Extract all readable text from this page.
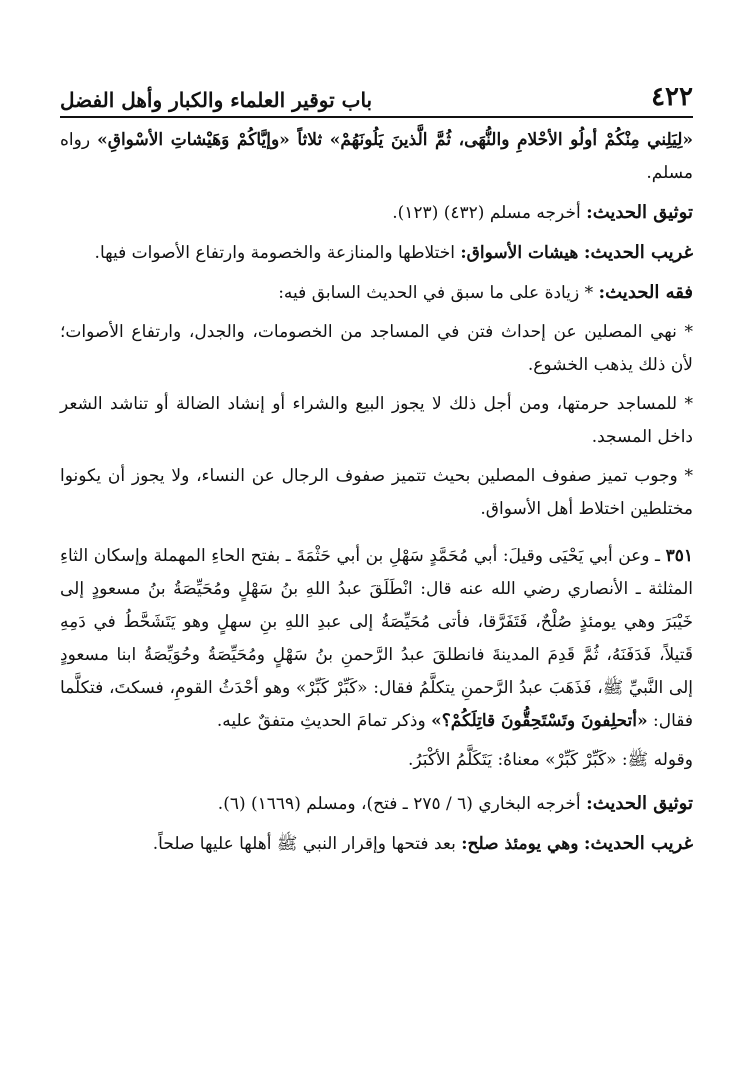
٤٢٢
باب توقير العلماء والكبار وأهل الفضل

«لِيَلِني مِنْكُمْ أولُو الأحْلامِ والنُّهَى، ثُمَّ الَّذينَ يَلُونَهُمْ» ثلاثاً «وإيَّاكُمْ وَهَيْشاتِ الأسْواقِ» رواه مسلم.

توثيق الحديث: أخرجه مسلم (٤٣٢) (١٢٣).

غريب الحديث: هيشات الأسواق: اختلاطها والمنازعة والخصومة وارتفاع الأصوات فيها.

فقه الحديث: * زيادة على ما سبق في الحديث السابق فيه:

* نهي المصلين عن إحداث فتن في المساجد من الخصومات، والجدل، وارتفاع الأصوات؛ لأن ذلك يذهب الخشوع.

* للمساجد حرمتها، ومن أجل ذلك لا يجوز البيع والشراء أو إنشاد الضالة أو تناشد الشعر داخل المسجد.

* وجوب تميز صفوف المصلين بحيث تتميز صفوف الرجال عن النساء، ولا يجوز أن يكونوا مختلطين اختلاط أهل الأسواق.

٣٥١ ـ وعن أبي يَحْيَى وقيلَ: أبي مُحَمَّدٍ سَهْلِ بن أبي حَثْمَةَ ـ بفتح الحاءِ المهملة وإسكان الثاءِ المثلثة ـ الأنصاري رضي الله عنه قال: انْطَلَقَ عبدُ اللهِ بنُ سَهْلٍ ومُحَيِّصَةُ بنُ مسعودٍ إلى خَيْبَرَ وهي يومئذٍ صُلْحٌ، فَتَفَرَّقا، فأتى مُحَيِّصَةُ إلى عبدِ اللهِ بنِ سهلٍ وهو يَتَشَحَّطُ في دَمِهِ قَتيلاً، فَدَفَنَهُ، ثُمَّ قَدِمَ المدينةَ فانطلقَ عبدُ الرَّحمنِ بنُ سَهْلٍ ومُحَيِّصَةُ وحُوَيِّصَةُ ابنا مسعودٍ إلى النَّبيِّ ﷺ، فَذَهَبَ عبدُ الرَّحمنِ يتكلَّمُ فقال: «كَبِّرْ كَبِّرْ» وهو أحْدَثُ القومِ، فسكتَ، فتكلَّما فقال: «أتحلِفونَ وتَسْتَحِقُّونَ قاتِلَكُمْ؟» وذكر تمامَ الحديثِ متفقٌ عليه.

وقوله ﷺ: «كَبِّرْ كَبِّرْ» معناهُ: يَتَكَلَّمُ الأكْبَرُ.

توثيق الحديث: أخرجه البخاري (٦ / ٢٧٥ ـ فتح)، ومسلم (١٦٦٩) (٦).

غريب الحديث: وهي يومئذ صلح: بعد فتحها وإقرار النبي ﷺ أهلها عليها صلحاً.
